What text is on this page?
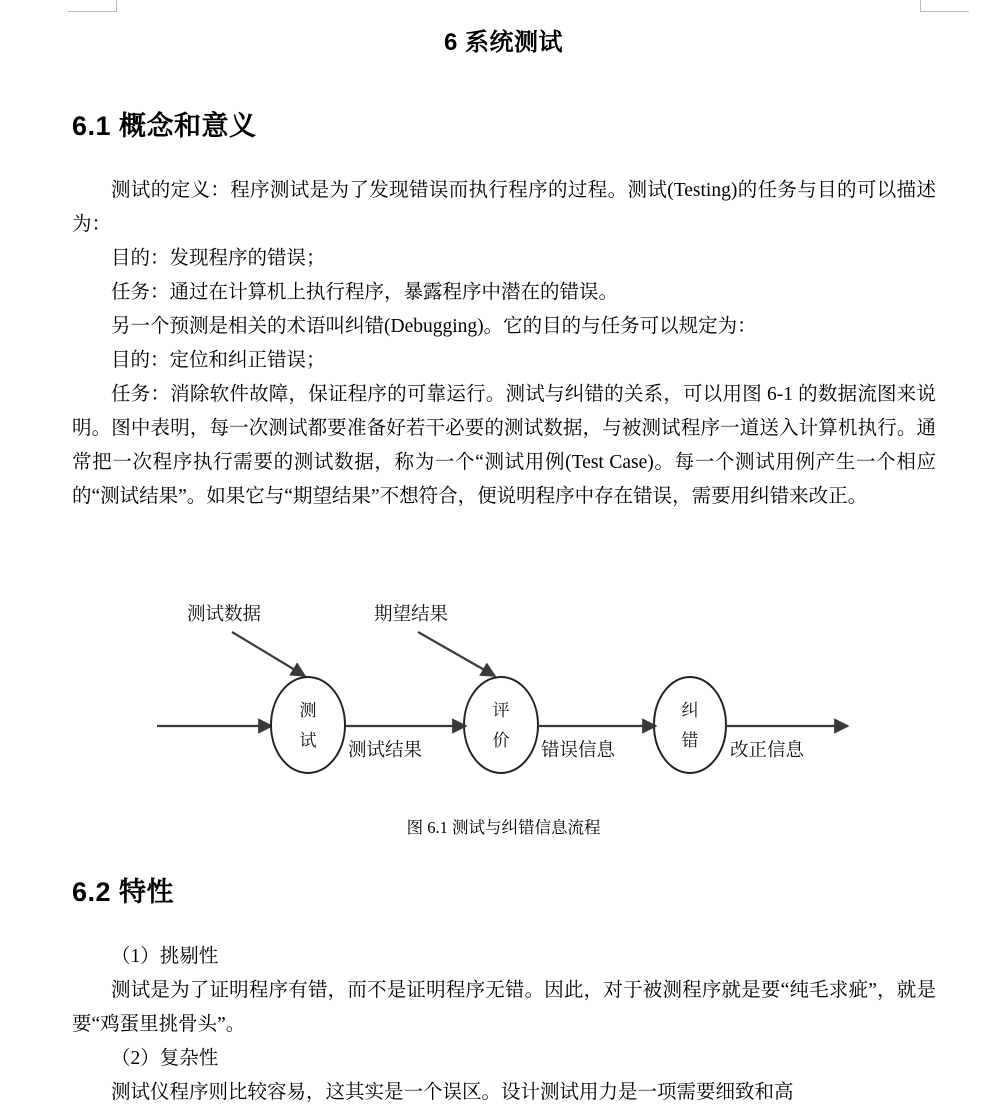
6 系统测试
6.1 概念和意义

测试的定义：程序测试是为了发现错误而执行程序的过程。测试(Testing)的任务与目的可以描述为：

目的：发现程序的错误；

任务：通过在计算机上执行程序，暴露程序中潜在的错误。

另一个预测是相关的术语叫纠错(Debugging)。它的目的与任务可以规定为：

目的：定位和纠正错误；

任务：消除软件故障，保证程序的可靠运行。测试与纠错的关系，可以用图 6-1 的数据流图来说明。图中表明，每一次测试都要准备好若干必要的测试数据，与被测试程序一道送入计算机执行。通常把一次程序执行需要的测试数据，称为一个“测试用例(Test Case)。每一个测试用例产生一个相应的“测试结果”。如果它与“期望结果”不想符合，便说明程序中存在错误，需要用纠错来改正。

测
试
评
价
纠
错
测试数据	期望结果
测试结果	错误信息	改正信息
图 6.1 测试与纠错信息流程
6.2 特性

（1）挑剔性

测试是为了证明程序有错，而不是证明程序无错。因此，对于被测程序就是要“纯毛求疵”，就是要“鸡蛋里挑骨头”。

（2）复杂性

测试仪程序则比较容易，这其实是一个误区。设计测试用力是一项需要细致和高
